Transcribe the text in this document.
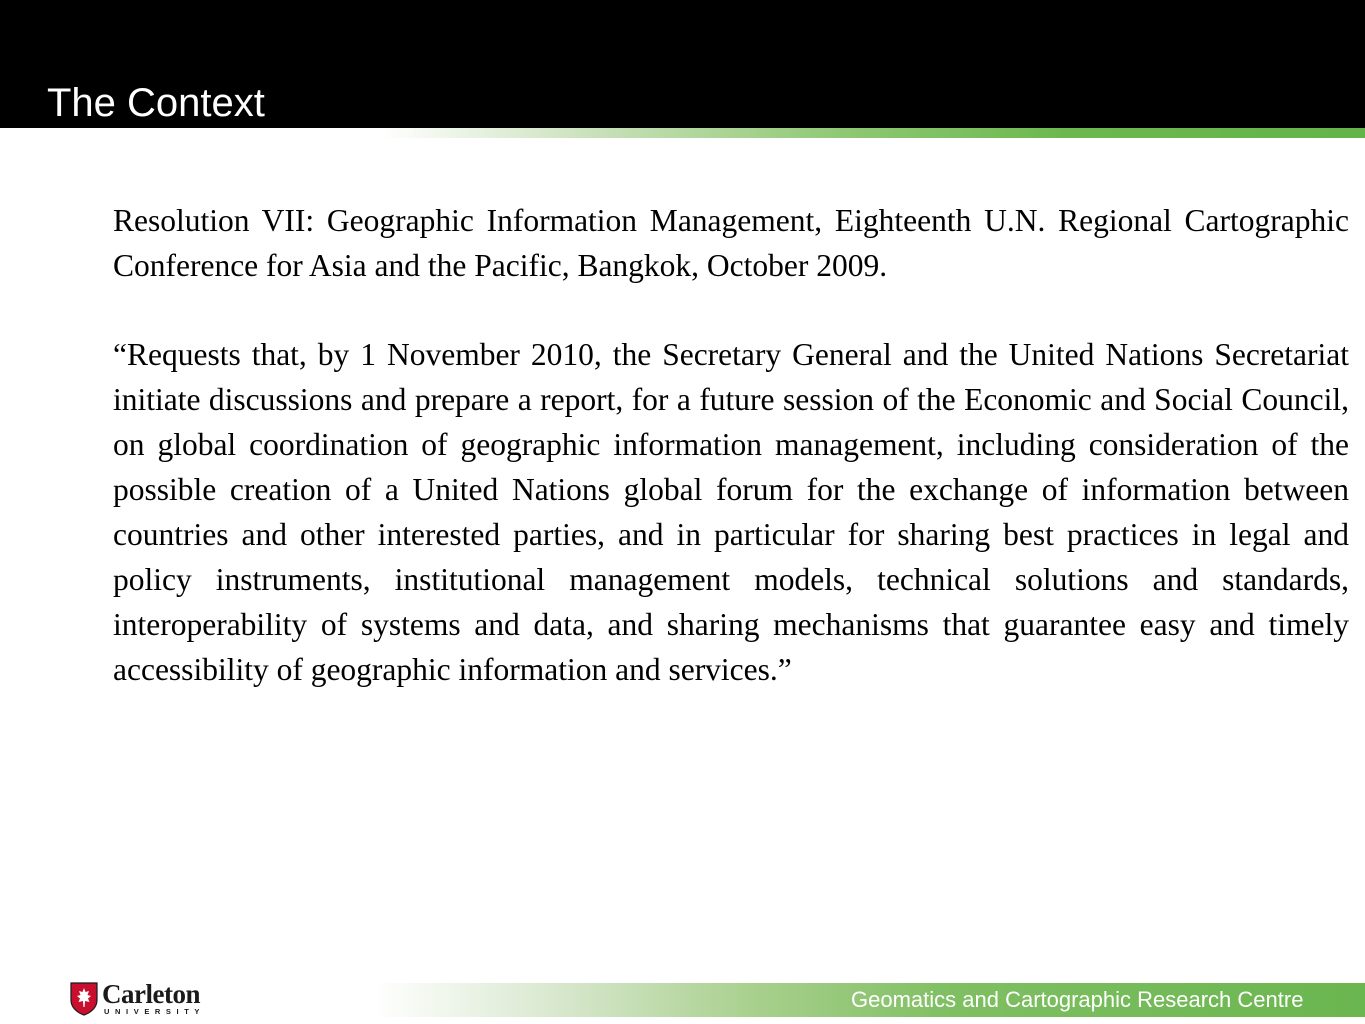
The Context

Resolution VII: Geographic Information Management, Eighteenth U.N. Regional Cartographic Conference for Asia and the Pacific, Bangkok, October 2009.

“Requests that, by 1 November 2010, the Secretary General and the United Nations Secretariat initiate discussions and prepare a report, for a future session of the Economic and Social Council, on global coordination of geographic information management, including consideration of the possible creation of a United Nations global forum for the exchange of information between countries and other interested parties, and in particular for sharing best practices in legal and policy instruments, institutional management models, technical solutions and standards, interoperability of systems and data, and sharing mechanisms that guarantee easy and timely accessibility of geographic information and services.”

Carleton
UNIVERSITY	Geomatics and Cartographic Research Centre
